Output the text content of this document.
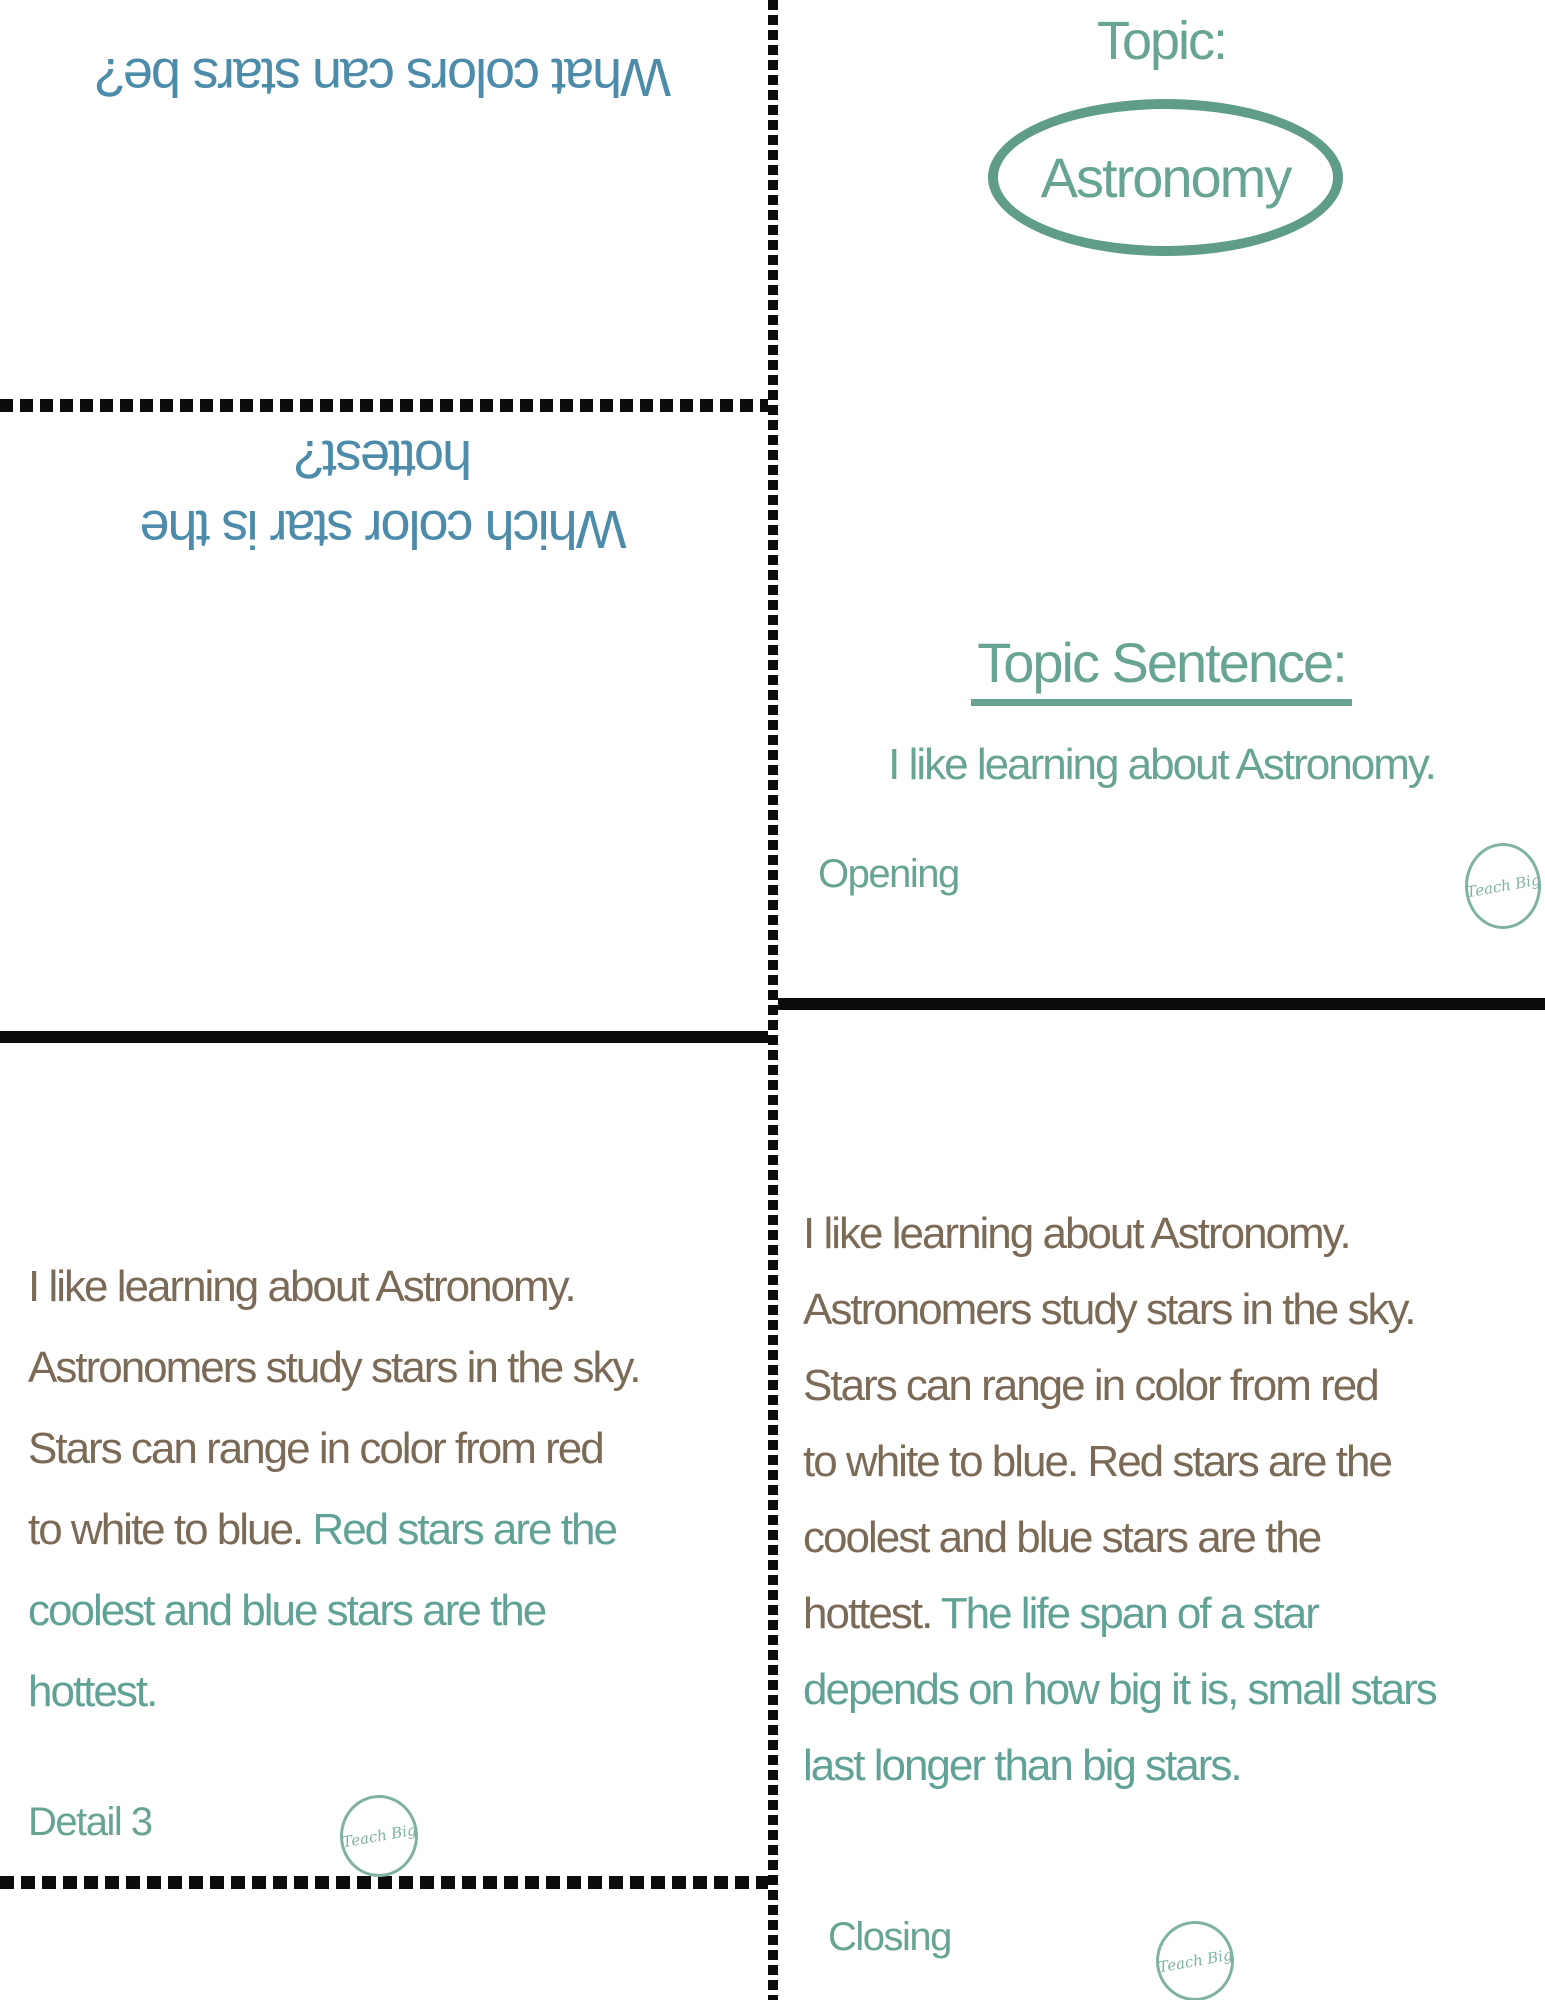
What colors can stars be?
Which color star is the
hottest?
I like learning about Astronomy.
Astronomers study stars in the sky.
Stars can range in color from red
to white to blue. Red stars are the
coolest and blue stars are the
hottest.
Detail 3	Teach Big
Topic:
Astronomy
Topic Sentence:
I like learning about Astronomy.
Opening	Teach Big
I like learning about Astronomy.
Astronomers study stars in the sky.
Stars can range in color from red
to white to blue. Red stars are the
coolest and blue stars are the
hottest. The life span of a star
depends on how big it is, small stars
last longer than big stars.
Closing
Teach Big
